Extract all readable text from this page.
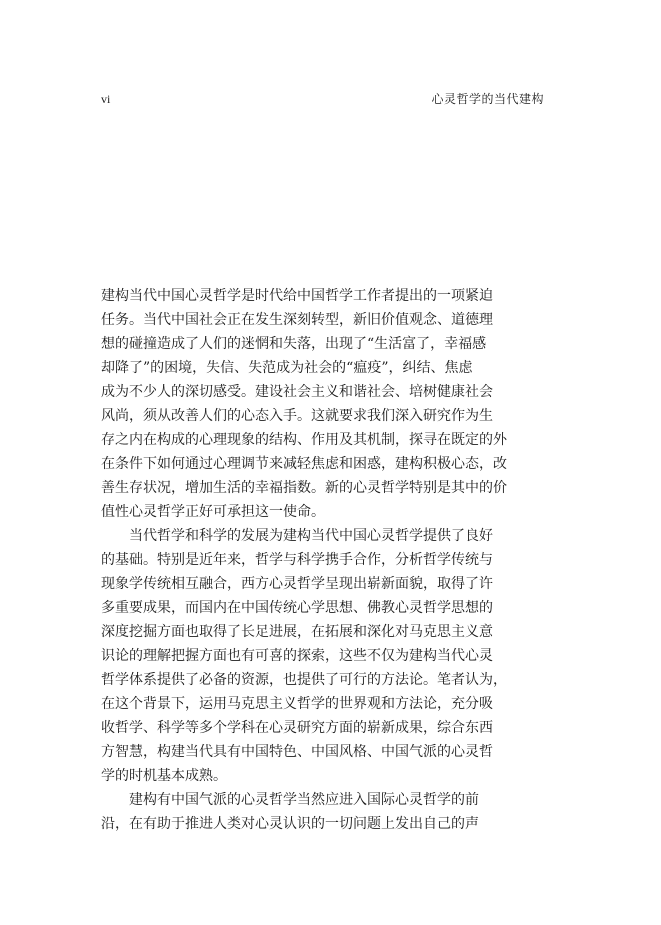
vi	心灵哲学的当代建构
建构当代中国心灵哲学是时代给中国哲学工作者提出的一项紧迫
任务。当代中国社会正在发生深刻转型，新旧价值观念、道德理
想的碰撞造成了人们的迷惘和失落，出现了“生活富了，幸福感
却降了”的困境，失信、失范成为社会的“瘟疫”，纠结、焦虑
成为不少人的深切感受。建设社会主义和谐社会、培树健康社会
风尚，须从改善人们的心态入手。这就要求我们深入研究作为生
存之内在构成的心理现象的结构、作用及其机制，探寻在既定的外
在条件下如何通过心理调节来减轻焦虑和困惑，建构积极心态，改
善生存状况，增加生活的幸福指数。新的心灵哲学特别是其中的价
值性心灵哲学正好可承担这一使命。
当代哲学和科学的发展为建构当代中国心灵哲学提供了良好
的基础。特别是近年来，哲学与科学携手合作，分析哲学传统与
现象学传统相互融合，西方心灵哲学呈现出崭新面貌，取得了许
多重要成果，而国内在中国传统心学思想、佛教心灵哲学思想的
深度挖掘方面也取得了长足进展，在拓展和深化对马克思主义意
识论的理解把握方面也有可喜的探索，这些不仅为建构当代心灵
哲学体系提供了必备的资源，也提供了可行的方法论。笔者认为，
在这个背景下，运用马克思主义哲学的世界观和方法论，充分吸
收哲学、科学等多个学科在心灵研究方面的崭新成果，综合东西
方智慧，构建当代具有中国特色、中国风格、中国气派的心灵哲
学的时机基本成熟。
建构有中国气派的心灵哲学当然应进入国际心灵哲学的前
沿，在有助于推进人类对心灵认识的一切问题上发出自己的声
